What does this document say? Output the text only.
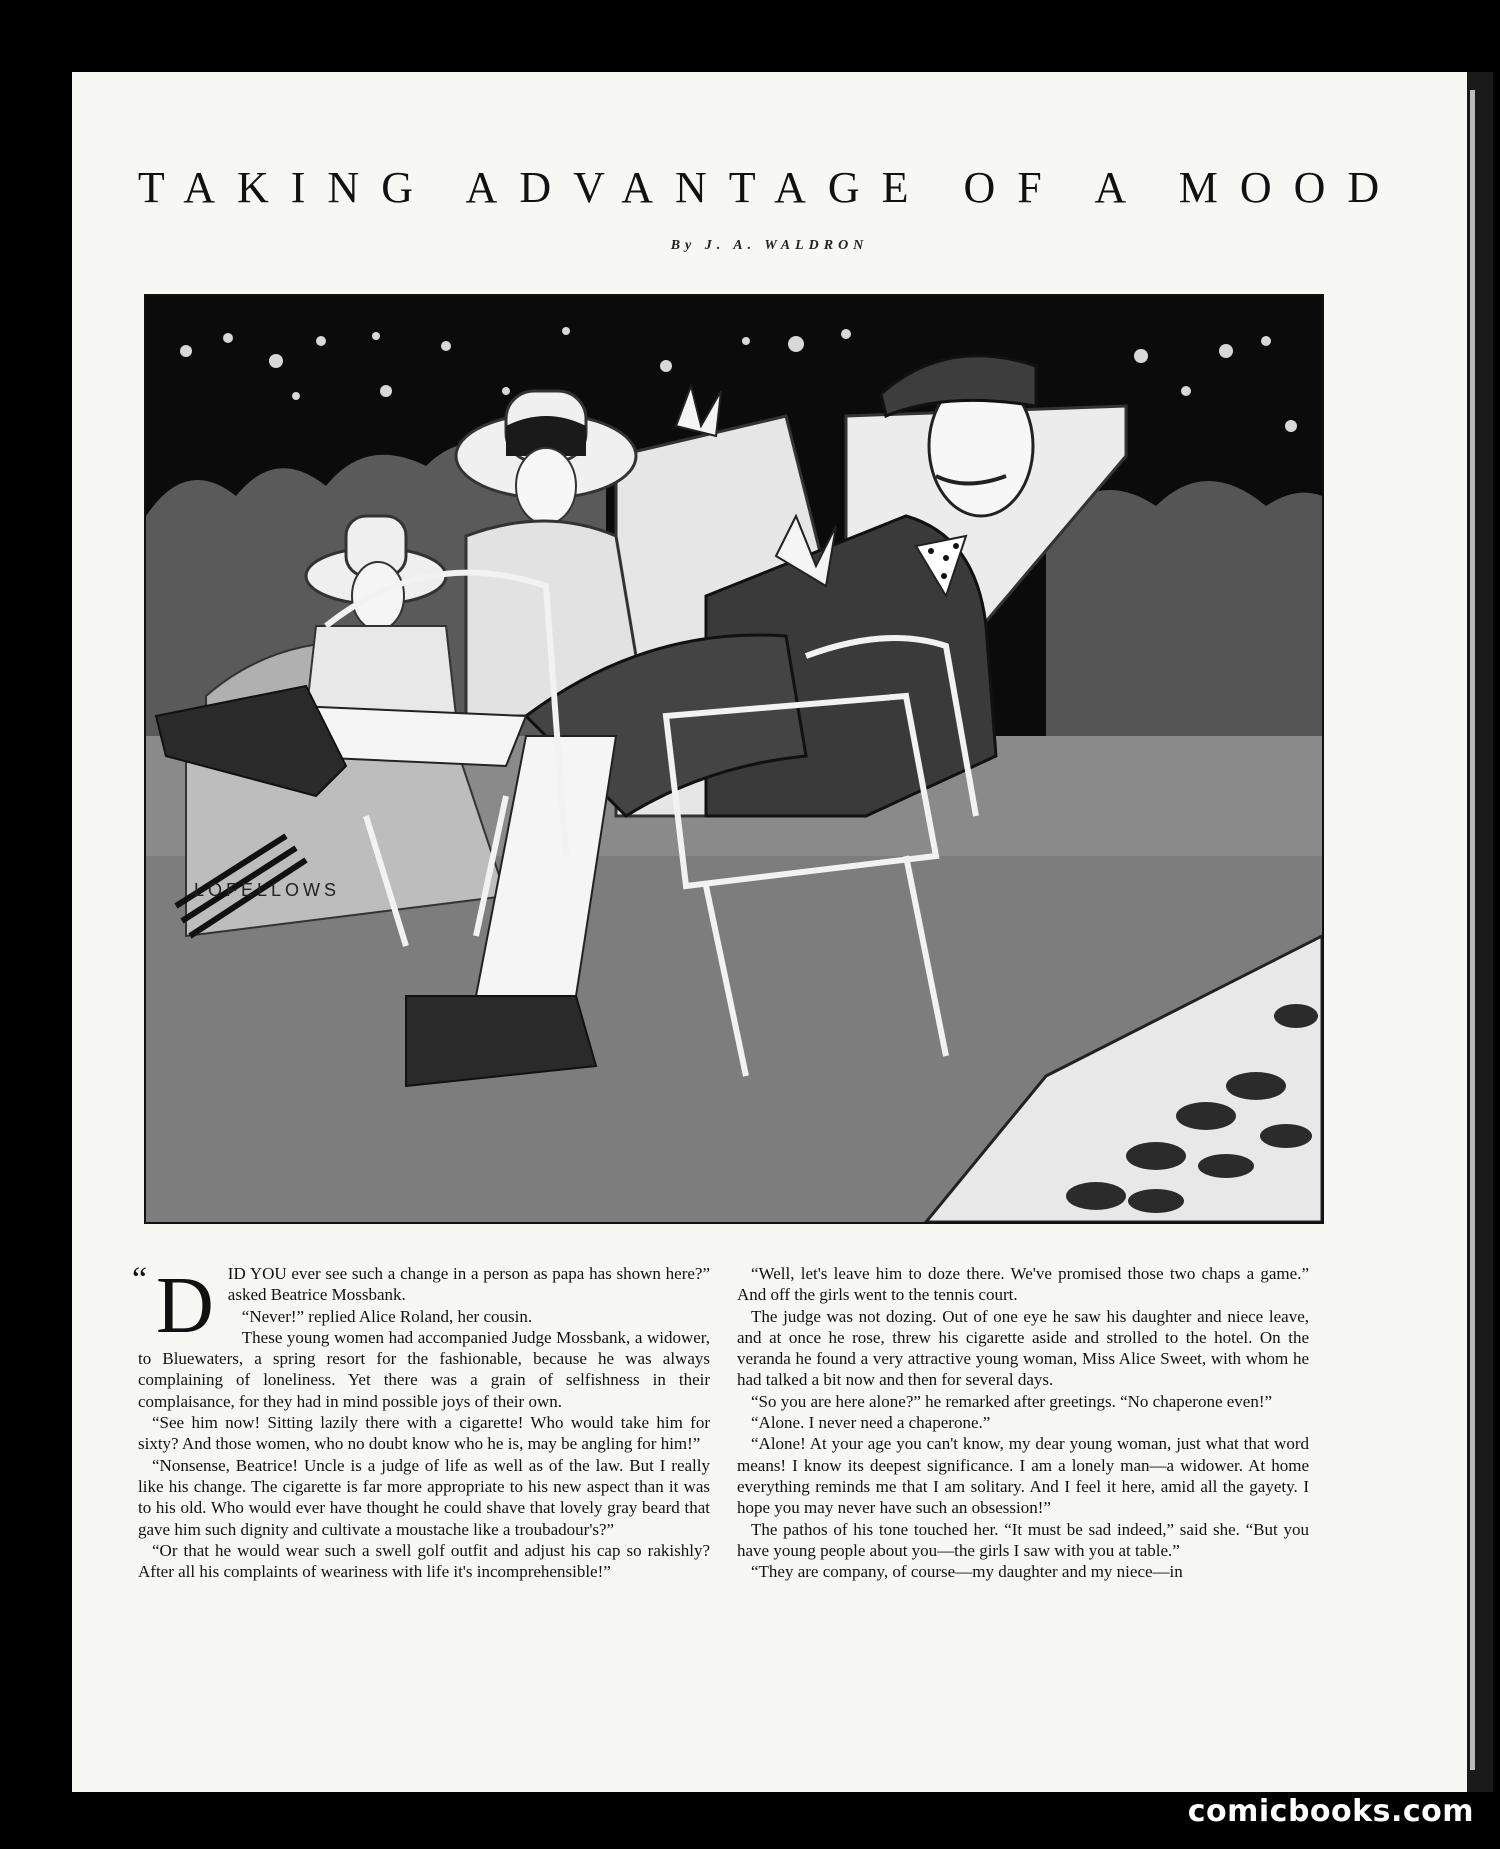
TAKING ADVANTAGE OF A MOOD
By J. A. WALDRON
LOFELLOWS
“ D ID YOU ever see such a change in a person as papa has shown here?” asked Beatrice Mossbank.

“Never!” replied Alice Roland, her cousin.

These young women had accompanied Judge Mossbank, a widower, to Bluewaters, a spring resort for the fashionable, because he was always complaining of loneliness. Yet there was a grain of selfishness in their complaisance, for they had in mind possible joys of their own.

“See him now! Sitting lazily there with a cigarette! Who would take him for sixty? And those women, who no doubt know who he is, may be angling for him!”

“Nonsense, Beatrice! Uncle is a judge of life as well as of the law. But I really like his change. The cigarette is far more appropriate to his new aspect than it was to his old. Who would ever have thought he could shave that lovely gray beard that gave him such dignity and cultivate a moustache like a troubadour's?”

“Or that he would wear such a swell golf outfit and adjust his cap so rakishly? After all his complaints of weariness with life it's incomprehensible!”

“Well, let's leave him to doze there. We've promised those two chaps a game.” And off the girls went to the tennis court.

The judge was not dozing. Out of one eye he saw his daughter and niece leave, and at once he rose, threw his cigarette aside and strolled to the hotel. On the veranda he found a very attractive young woman, Miss Alice Sweet, with whom he had talked a bit now and then for several days.

“So you are here alone?” he remarked after greetings. “No chaperone even!”

“Alone. I never need a chaperone.”

“Alone! At your age you can't know, my dear young woman, just what that word means! I know its deepest significance. I am a lonely man—a widower. At home everything reminds me that I am solitary. And I feel it here, amid all the gayety. I hope you may never have such an obsession!”

The pathos of his tone touched her. “It must be sad indeed,” said she. “But you have young people about you—the girls I saw with you at table.”

“They are company, of course—my daughter and my niece—in

comicbooks.com
